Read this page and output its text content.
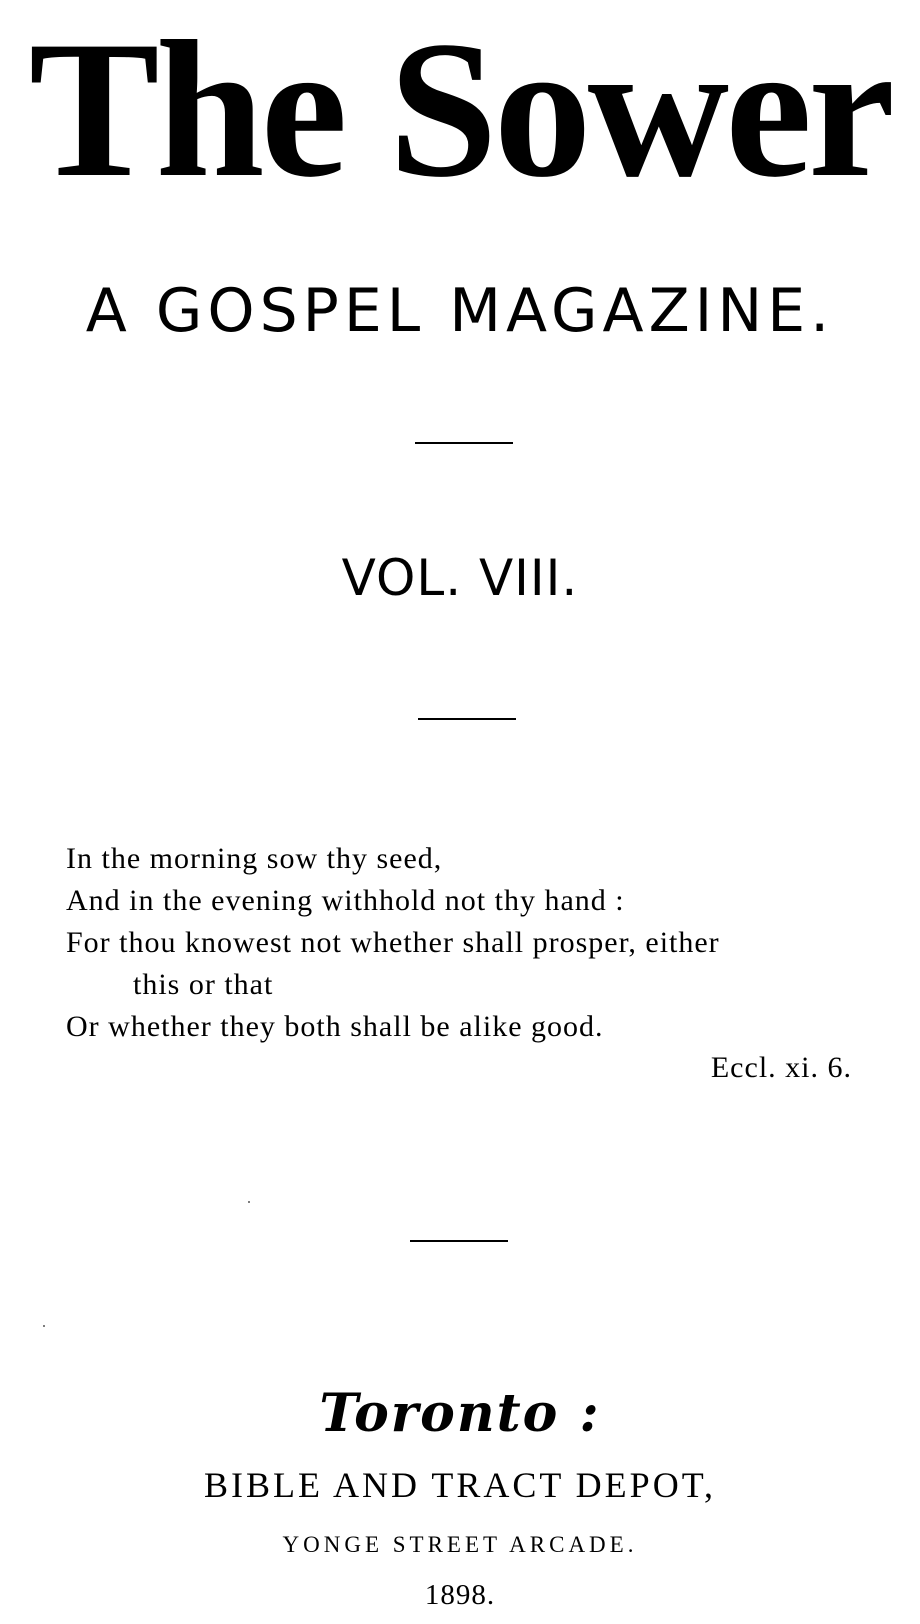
The Sower
A GOSPEL MAGAZINE.
VOL. VIII.
In the morning sow thy seed,
And in the evening withhold not thy hand :
For thou knowest not whether shall prosper, either
this or that
Or whether they both shall be alike good.
Eccl. xi. 6.
Toronto :
BIBLE AND TRACT DEPOT,
YONGE STREET ARCADE.
1898.
